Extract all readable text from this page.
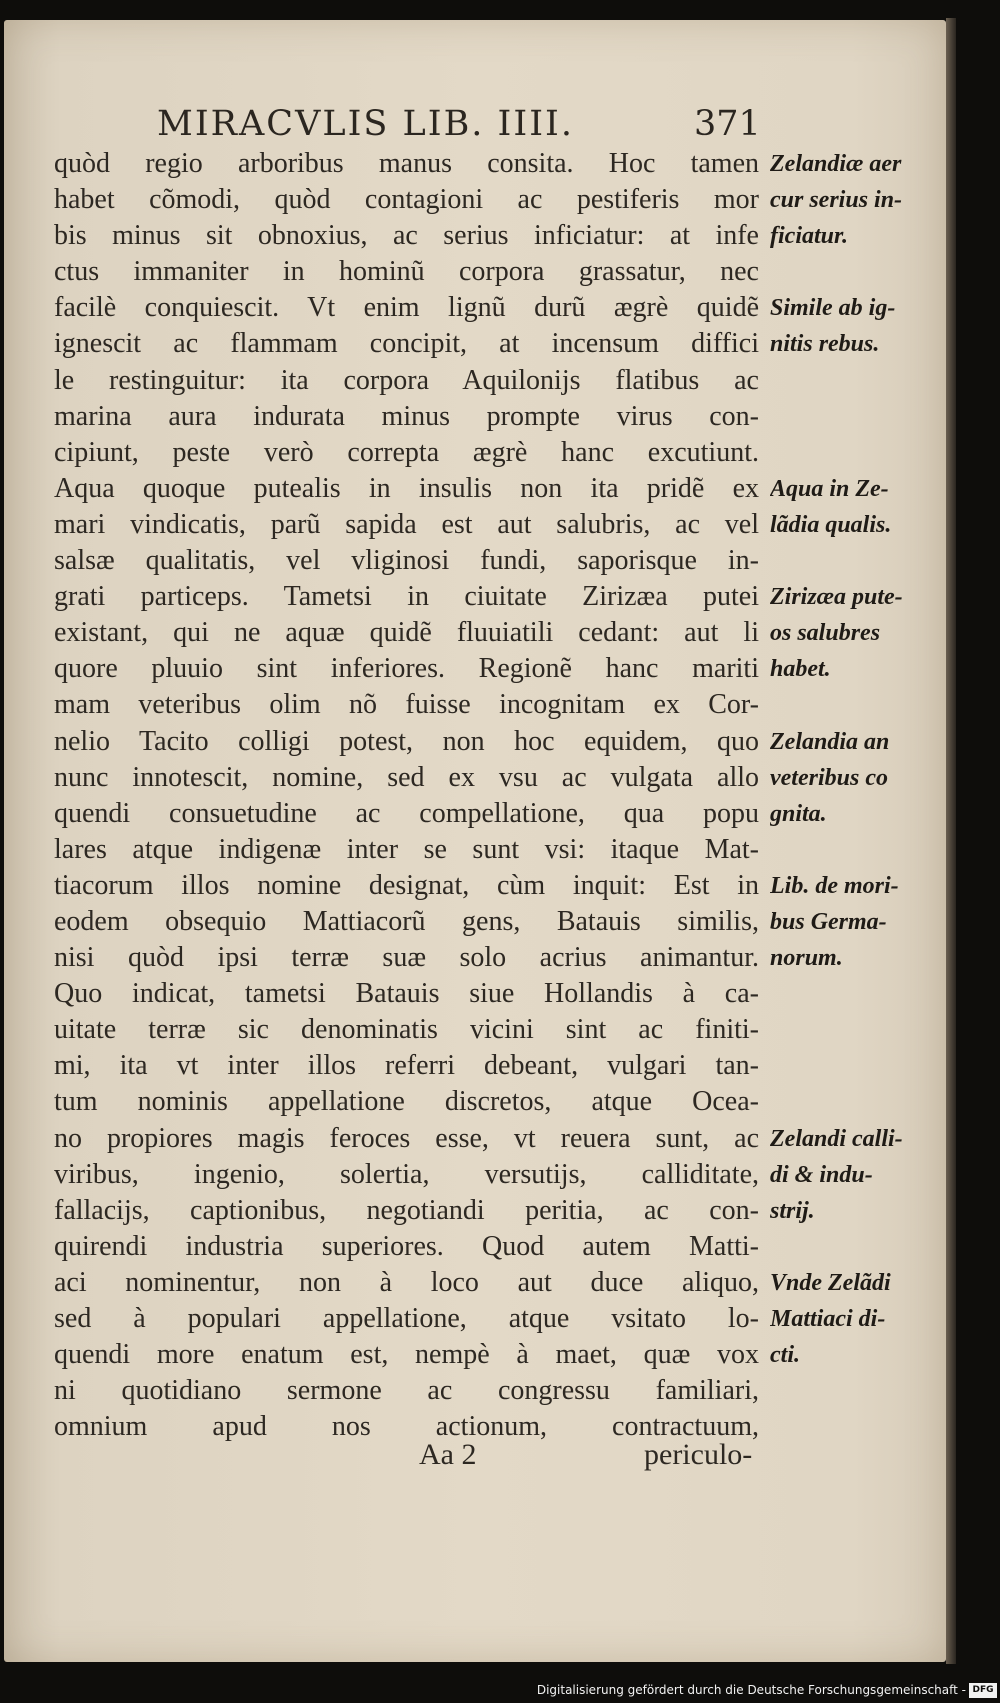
MIRACVLIS LIB. IIII.	371
quòd regio arboribus manus consita. Hoc tamen
habet cõmodi, quòd contagioni ac pestiferis mor
bis minus sit obnoxius, ac serius inficiatur: at infe
ctus immaniter in hominũ corpora grassatur, nec
facilè conquiescit. Vt enim lignũ durũ ægrè quidẽ
ignescit ac flammam concipit, at incensum diffici
le restinguitur: ita corpora Aquilonijs flatibus ac
marina aura indurata minus prompte virus con-
cipiunt, peste verò correpta ægrè hanc excutiunt.
Aqua quoque putealis in insulis non ita pridẽ ex
mari vindicatis, parũ sapida est aut salubris, ac vel
salsæ qualitatis, vel vliginosi fundi, saporisque in-
grati particeps. Tametsi in ciuitate Zirizæa putei
existant, qui ne aquæ quidẽ fluuiatili cedant: aut li
quore pluuio sint inferiores. Regionẽ hanc mariti
mam veteribus olim nõ fuisse incognitam ex Cor-
nelio Tacito colligi potest, non hoc equidem, quo
nunc innotescit, nomine, sed ex vsu ac vulgata allo
quendi consuetudine ac compellatione, qua popu
lares atque indigenæ inter se sunt vsi: itaque Mat-
tiacorum illos nomine designat, cùm inquit: Est in
eodem obsequio Mattiacorũ gens, Batauis similis,
nisi quòd ipsi terræ suæ solo acrius animantur.
Quo indicat, tametsi Batauis siue Hollandis à ca-
uitate terræ sic denominatis vicini sint ac finiti-
mi, ita vt inter illos referri debeant, vulgari tan-
tum nominis appellatione discretos, atque Ocea-
no propiores magis feroces esse, vt reuera sunt, ac
viribus, ingenio, solertia, versutijs, calliditate,
fallacijs, captionibus, negotiandi peritia, ac con-
quirendi industria superiores. Quod autem Matti-
aci nominentur, non à loco aut duce aliquo,
sed à populari appellatione, atque vsitato lo-
quendi more enatum est, nempè à maet, quæ vox
ni quotidiano sermone ac congressu familiari,
omnium apud nos actionum, contractuum,
Zelandiæ aer
cur serius in-
ficiatur.
Simile ab ig-
nitis rebus.
Aqua in Ze-
lãdia qualis.
Zirizæa pute-
os salubres
habet.
Zelandia an
veteribus co
gnita.
Lib. de mori-
bus Germa-
norum.
Zelandi calli-
di & indu-
strij.
Vnde Zelãdi
Mattiaci di-
cti.
Aa 2	periculo-
Digitalisierung gefördert durch die Deutsche Forschungsgemeinschaft - DFG
